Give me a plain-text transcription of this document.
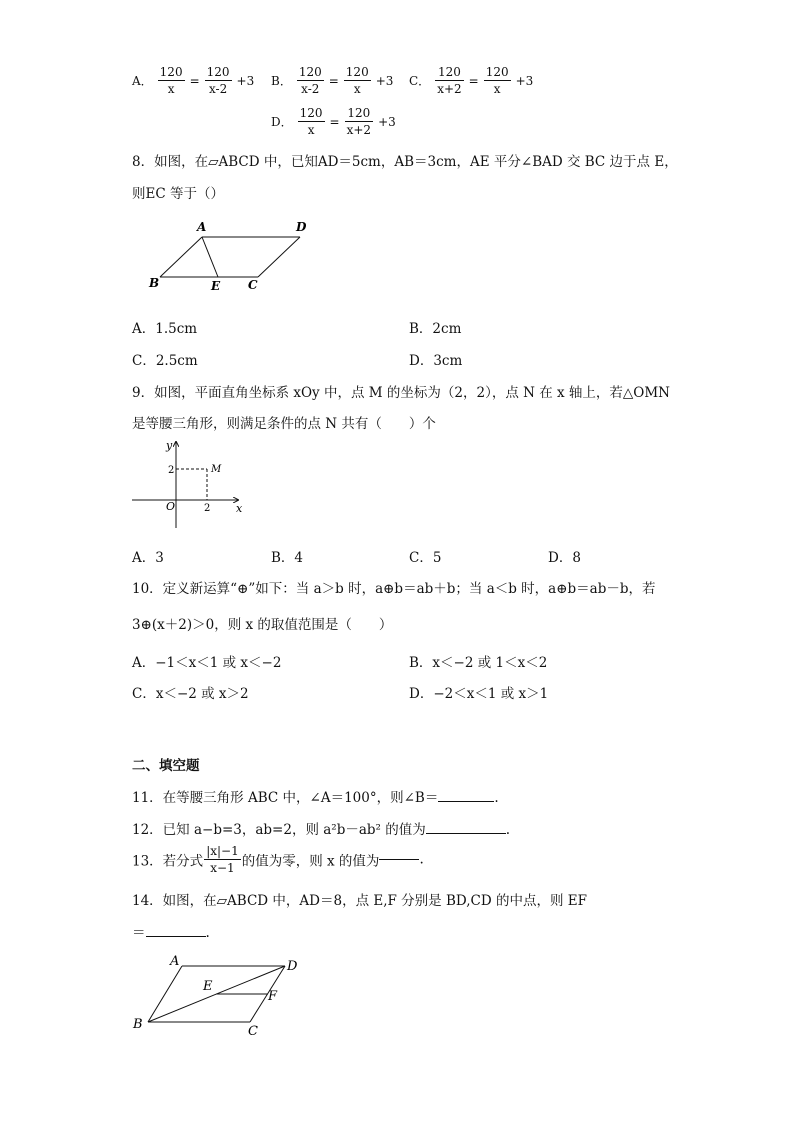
A． $\frac{120}{x} = \frac{120}{x-2} +3$ B． $\frac{120}{x-2} = \frac{120}{x} +3$ C． $\frac{120}{x+2} = \frac{120}{x} +3$
D． $\frac{120}{x} = \frac{120}{x+2} +3$
8．如图，在▱ABCD 中，已知AD＝5cm，AB＝3cm，AE 平分∠BAD 交 BC 边于点 E，
则EC 等于（）
A	D
B	E C
A．1.5cm	B．2cm
C．2.5cm	D．3cm
9．如图，平面直角坐标系 xOy 中，点 M 的坐标为（2，2），点 N 在 x 轴上，若△OMN
是等腰三角形，则满足条件的点 N 共有（　　）个
y
x
O
M
2
2
A．3	B．4	C．5	D．8
10．定义新运算“⊕”如下：当 a＞b 时，a⊕b＝ab＋b；当 a＜b 时，a⊕b＝ab－b，若
3⊕(x＋2)＞0，则 x 的取值范围是（　　）
A．−1＜x＜1 或 x＜−2	B．x＜−2 或 1＜x＜2
C．x＜−2 或 x＞2	D．−2＜x＜1 或 x＞1
二、填空题
11．在等腰三角形 ABC 中，∠A＝100°，则∠B＝	.
12．已知 a−b=3，ab=2，则 a²b－ab² 的值为	.
13．若分式 $\frac{|x|-1}{x-1}$ 的值为零，则 x 的值为	.
14．如图，在▱ABCD 中，AD＝8，点 E,F 分别是 BD,CD 的中点，则 EF
＝	.
A	D
E
F
B	C
